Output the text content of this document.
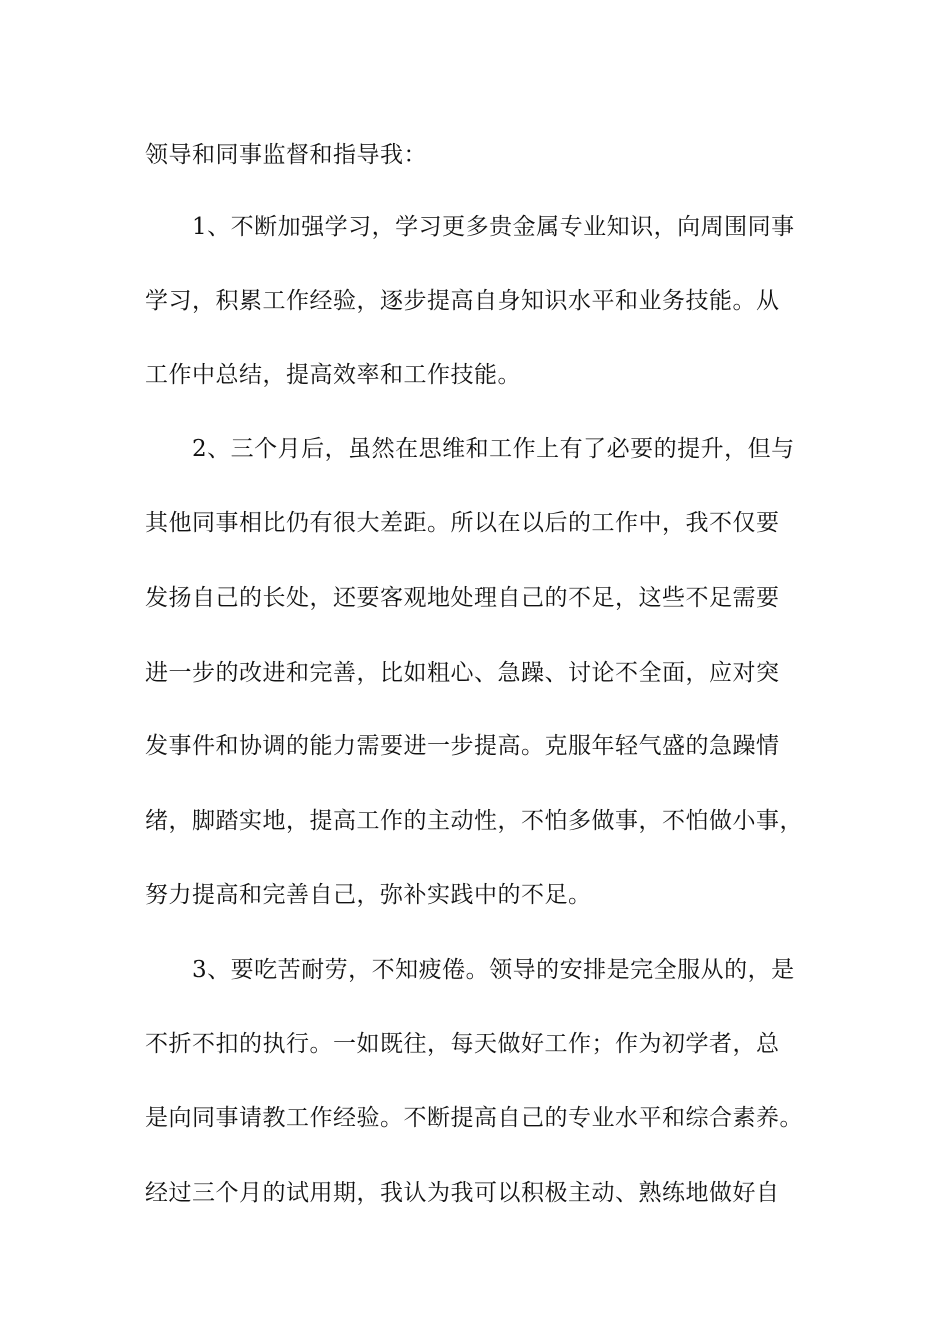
领导和同事监督和指导我：
1、不断加强学习，学习更多贵金属专业知识，向周围同事
学习，积累工作经验，逐步提高自身知识水平和业务技能。从
工作中总结，提高效率和工作技能。
2、三个月后，虽然在思维和工作上有了必要的提升，但与
其他同事相比仍有很大差距。所以在以后的工作中，我不仅要
发扬自己的长处，还要客观地处理自己的不足，这些不足需要
进一步的改进和完善，比如粗心、急躁、讨论不全面，应对突
发事件和协调的能力需要进一步提高。克服年轻气盛的急躁情
绪，脚踏实地，提高工作的主动性，不怕多做事，不怕做小事，
努力提高和完善自己，弥补实践中的不足。
3、要吃苦耐劳，不知疲倦。领导的安排是完全服从的，是
不折不扣的执行。一如既往，每天做好工作；作为初学者，总
是向同事请教工作经验。不断提高自己的专业水平和综合素养。
经过三个月的试用期，我认为我可以积极主动、熟练地做好自
